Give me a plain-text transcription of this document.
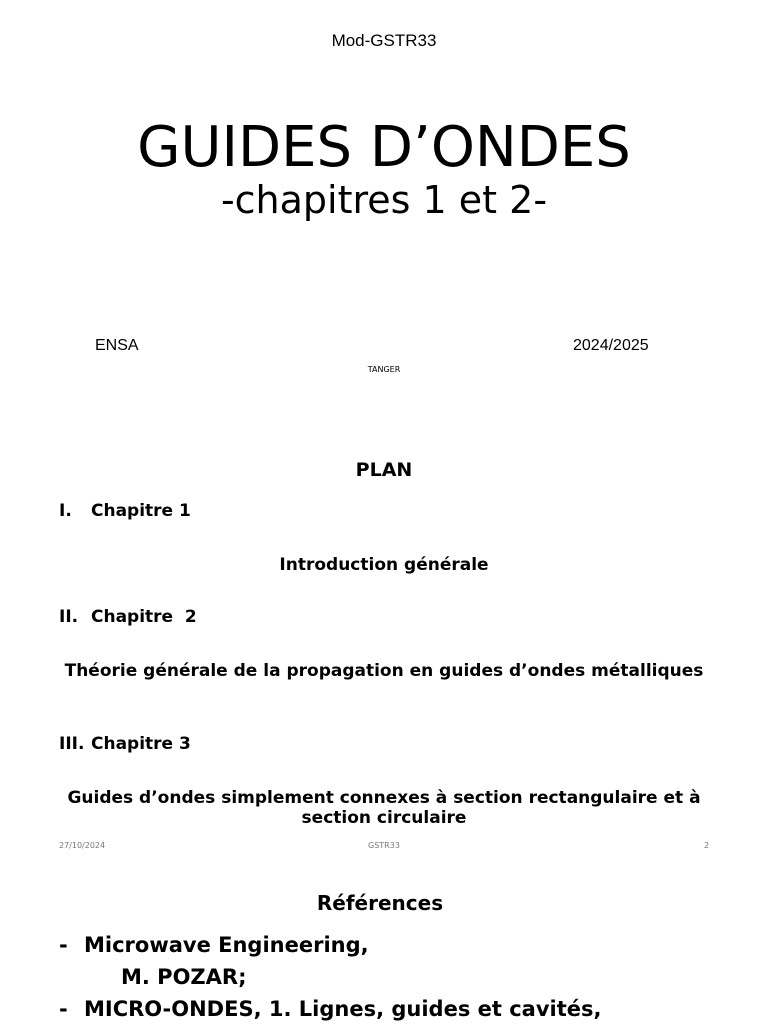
Mod-GSTR33
GUIDES D’ONDES
-chapitres 1 et 2-
ENSA
TANGER
2024/2025
PLAN
I. Chapitre 1
Introduction générale
II. Chapitre  2
Théorie générale de la propagation en guides d’ondes métalliques
III. Chapitre 3
Guides d’ondes simplement connexes à section rectangulaire et à section circulaire
27/10/2024	GSTR33	2
Références
- Microwave Engineering,
M. POZAR;
- MICRO-ONDES, 1. Lignes, guides et cavités,
